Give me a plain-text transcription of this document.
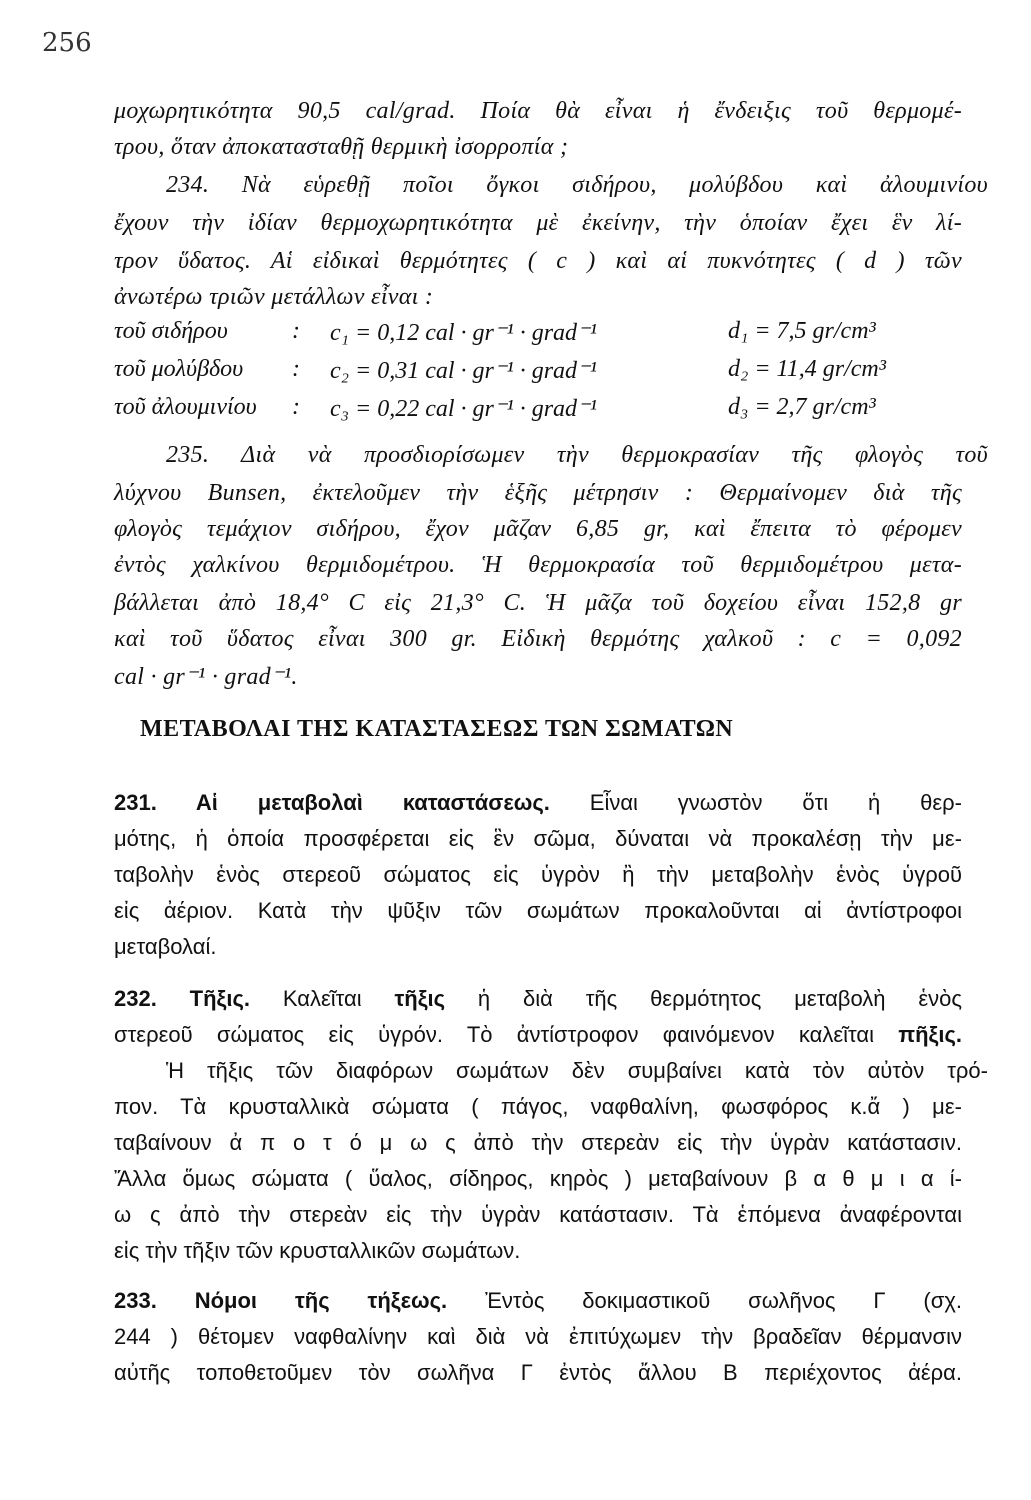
256
μοχωρητικότητα 90,5 cal/grad. Ποία θὰ εἶναι ἡ ἔνδειξις τοῦ θερμομέ-
τρου, ὅταν ἀποκατασταθῇ θερμικὴ ἰσορροπία ;
234. Νὰ εὑρεθῇ ποῖοι ὄγκοι σιδήρου, μολύβδου καὶ ἀλουμινίου
ἔχουν τὴν ἰδίαν θερμοχωρητικότητα μὲ ἐκείνην, τὴν ὁποίαν ἔχει ἓν λί-
τρον ὕδατος. Αἱ εἰδικαὶ θερμότητες ( c ) καὶ αἱ πυκνότητες ( d ) τῶν
ἀνωτέρω τριῶν μετάλλων εἶναι :
τοῦ σιδήρου	: c₁ = 0,12 cal · gr⁻¹ · grad⁻¹	d₁ = 7,5 gr/cm³
τοῦ μολύβδου : c₂ = 0,31 cal · gr⁻¹ · grad⁻¹	d₂ = 11,4 gr/cm³
τοῦ ἀλουμινίου : c₃ = 0,22 cal · gr⁻¹ · grad⁻¹	d₃ = 2,7 gr/cm³
235. Διὰ νὰ προσδιορίσωμεν τὴν θερμοκρασίαν τῆς φλογὸς τοῦ
λύχνου Bunsen, ἐκτελοῦμεν τὴν ἑξῆς μέτρησιν : Θερμαίνομεν διὰ τῆς
φλογὸς τεμάχιον σιδήρου, ἔχον μᾶζαν 6,85 gr, καὶ ἔπειτα τὸ φέρομεν
ἐντὸς χαλκίνου θερμιδομέτρου. Ἡ θερμοκρασία τοῦ θερμιδομέτρου μετα-
βάλλεται ἀπὸ 18,4° C εἰς 21,3° C. Ἡ μᾶζα τοῦ δοχείου εἶναι 152,8 gr
καὶ τοῦ ὕδατος εἶναι 300 gr. Εἰδικὴ θερμότης χαλκοῦ : c = 0,092
cal · gr⁻¹ · grad⁻¹.
ΜΕΤΑΒΟΛΑΙ ΤΗΣ ΚΑΤΑΣΤΑΣΕΩΣ ΤΩΝ ΣΩΜΑΤΩΝ
231. Αἱ μεταβολαὶ καταστάσεως. Εἶναι γνωστὸν ὅτι ἡ θερ-
μότης, ἡ ὁποία προσφέρεται εἰς ἓν σῶμα, δύναται νὰ προκαλέσῃ τὴν με-
ταβολὴν ἑνὸς στερεοῦ σώματος εἰς ὑγρὸν ἢ τὴν μεταβολὴν ἑνὸς ὑγροῦ
εἰς ἀέριον. Κατὰ τὴν ψῦξιν τῶν σωμάτων προκαλοῦνται αἱ ἀντίστροφοι
μεταβολαί.
232. Τῆξις. Καλεῖται τῆξις ἡ διὰ τῆς θερμότητος μεταβολὴ ἑνὸς
στερεοῦ σώματος εἰς ὑγρόν. Τὸ ἀντίστροφον φαινόμενον καλεῖται πῆξις.
Ἡ τῆξις τῶν διαφόρων σωμάτων δὲν συμβαίνει κατὰ τὸν αὐτὸν τρό-
πον. Τὰ κρυσταλλικὰ σώματα ( πάγος, ναφθαλίνη, φωσφόρος κ.ἄ ) με-
ταβαίνουν ἀ π ο τ ό μ ω ς ἀπὸ τὴν στερεὰν εἰς τὴν ὑγρὰν κατάστασιν.
Ἄλλα ὅμως σώματα ( ὕαλος, σίδηρος, κηρὸς ) μεταβαίνουν β α θ μ ι α ί-
ω ς ἀπὸ τὴν στερεὰν εἰς τὴν ὑγρὰν κατάστασιν. Τὰ ἑπόμενα ἀναφέρονται
εἰς τὴν τῆξιν τῶν κρυσταλλικῶν σωμάτων.
233. Νόμοι τῆς τήξεως. Ἐντὸς δοκιμαστικοῦ σωλῆνος Γ (σχ.
244 ) θέτομεν ναφθαλίνην καὶ διὰ νὰ ἐπιτύχωμεν τὴν βραδεῖαν θέρμανσιν
αὐτῆς τοποθετοῦμεν τὸν σωλῆνα Γ ἐντὸς ἄλλου Β περιέχοντος ἀέρα.
